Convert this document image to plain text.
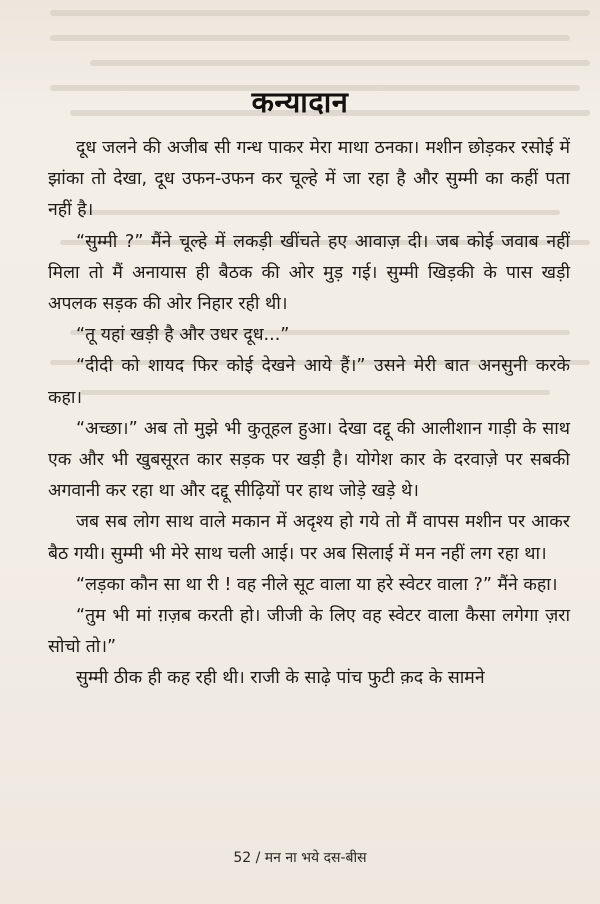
कन्यादान

दूध जलने की अजीब सी गन्ध पाकर मेरा माथा ठनका। मशीन छोड़कर रसोई में झांका तो देखा, दूध उफन-उफन कर चूल्हे में जा रहा है और सुम्मी का कहीं पता नहीं है।

“सुम्मी ?” मैंने चूल्हे में लकड़ी खींचते हए आवाज़ दी। जब कोई जवाब नहीं मिला तो मैं अनायास ही बैठक की ओर मुड़ गई। सुम्मी खिड़की के पास खड़ी अपलक सड़क की ओर निहार रही थी।

“तू यहां खड़ी है और उधर दूध...”

“दीदी को शायद फिर कोई देखने आये हैं।” उसने मेरी बात अनसुनी करके कहा।

“अच्छा।” अब तो मुझे भी कुतूहल हुआ। देखा दद्दू की आलीशान गाड़ी के साथ एक और भी खुबसूरत कार सड़क पर खड़ी है। योगेश कार के दरवाज़े पर सबकी अगवानी कर रहा था और दद्दू सीढ़ियों पर हाथ जोड़े खड़े थे।

जब सब लोग साथ वाले मकान में अदृश्य हो गये तो मैं वापस मशीन पर आकर बैठ गयी। सुम्मी भी मेरे साथ चली आई। पर अब सिलाई में मन नहीं लग रहा था।

“लड़का कौन सा था री ! वह नीले सूट वाला या हरे स्वेटर वाला ?” मैंने कहा।

“तुम भी मां ग़ज़ब करती हो। जीजी के लिए वह स्वेटर वाला कैसा लगेगा ज़रा सोचो तो।”

सुम्मी ठीक ही कह रही थी। राजी के साढ़े पांच फुटी क़द के सामने

52 / मन ना भये दस-बीस
